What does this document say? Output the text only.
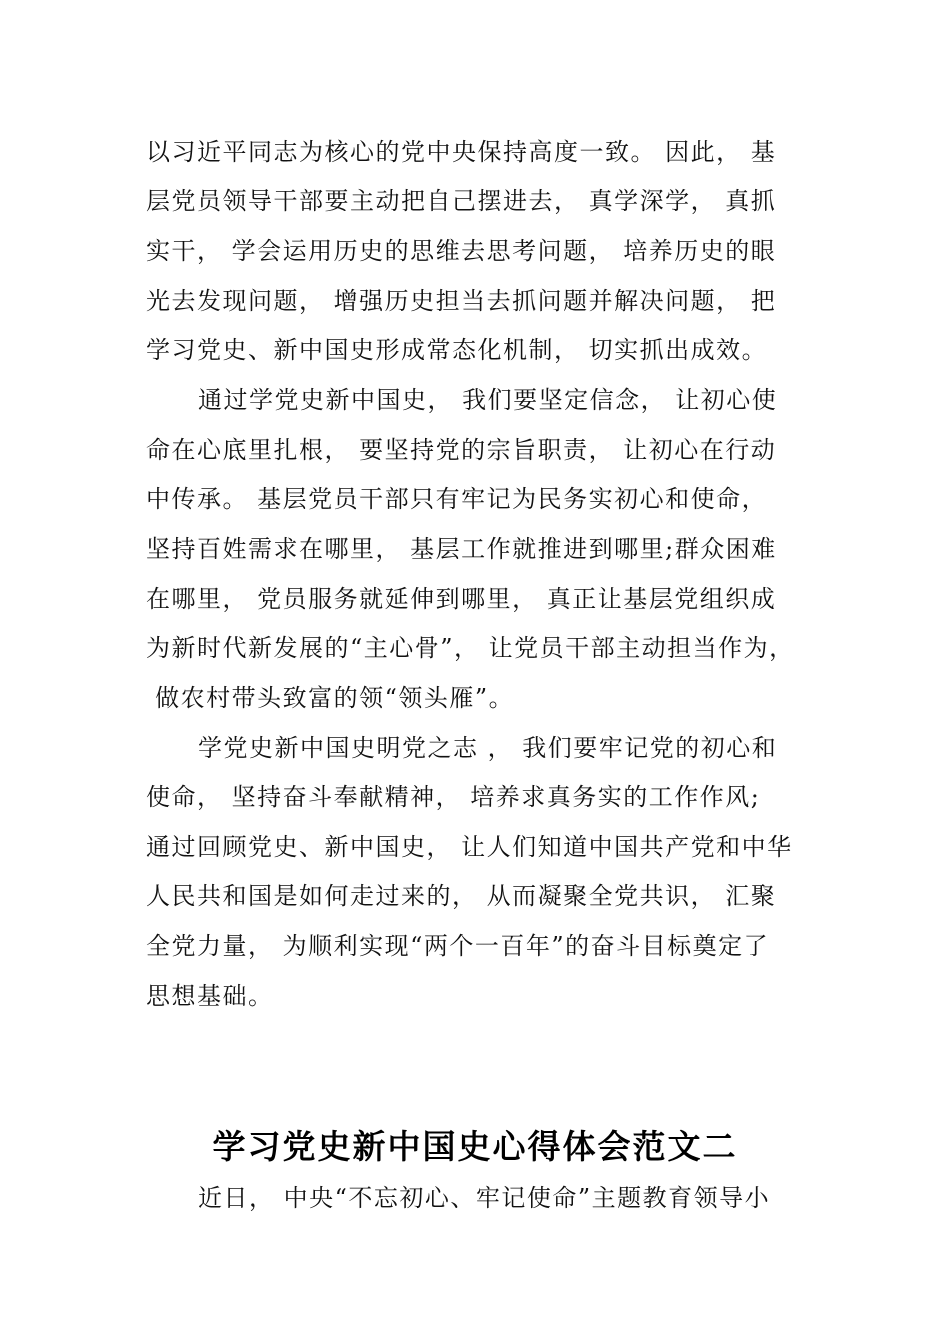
以习近平同志为核心的党中央保持高度一致。 因此， 基
层党员领导干部要主动把自己摆进去， 真学深学， 真抓
实干， 学会运用历史的思维去思考问题， 培养历史的眼
光去发现问题， 增强历史担当去抓问题并解决问题， 把
学习党史、新中国史形成常态化机制， 切实抓出成效。
通过学党史新中国史， 我们要坚定信念， 让初心使
命在心底里扎根， 要坚持党的宗旨职责， 让初心在行动
中传承。 基层党员干部只有牢记为民务实初心和使命，
坚持百姓需求在哪里， 基层工作就推进到哪里;群众困难
在哪里， 党员服务就延伸到哪里， 真正让基层党组织成
为新时代新发展的“主心骨”， 让党员干部主动担当作为，
做农村带头致富的领“领头雁”。
学党史新中国史明党之志 ， 我们要牢记党的初心和
使命， 坚持奋斗奉献精神， 培养求真务实的工作作风;
通过回顾党史、新中国史， 让人们知道中国共产党和中华
人民共和国是如何走过来的， 从而凝聚全党共识， 汇聚
全党力量， 为顺利实现“两个一百年”的奋斗目标奠定了
思想基础。
学习党史新中国史心得体会范文二
近日， 中央“不忘初心、牢记使命”主题教育领导小
